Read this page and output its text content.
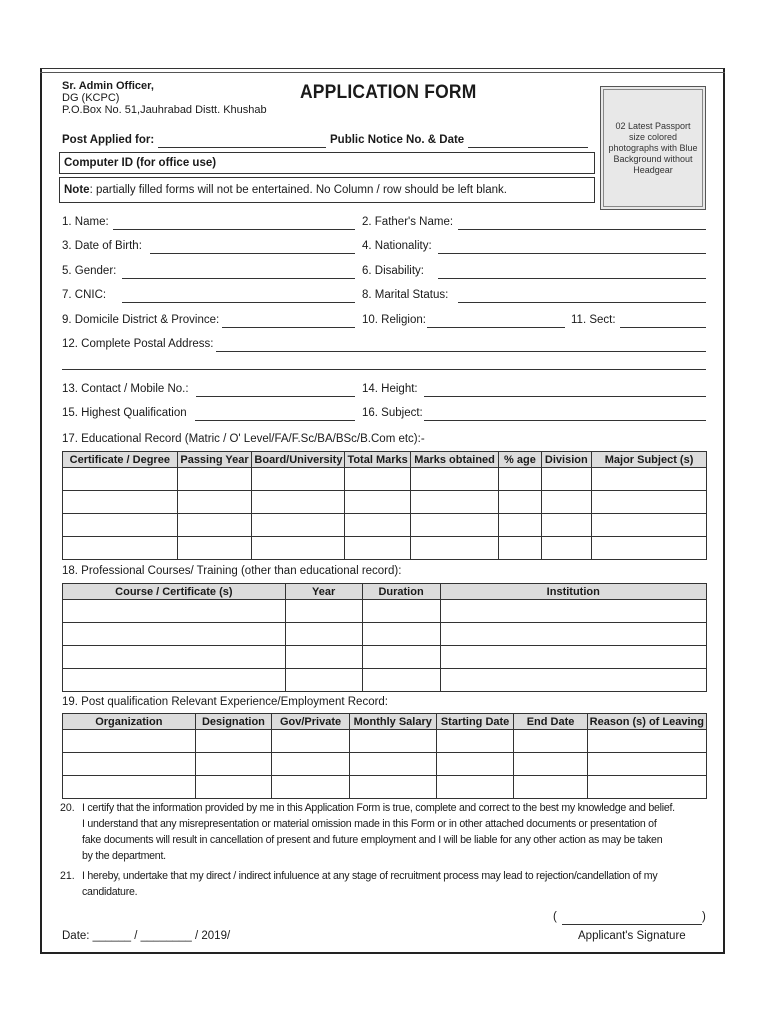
Sr. Admin Officer,
DG (KCPC)
P.O.Box No. 51,Jauhrabad Distt. Khushab
APPLICATION FORM
02 Latest Passport size colored photographs with Blue Background without Headgear
Post Applied for:	Public Notice No. & Date
Computer ID (for office use)
Note: partially filled forms will not be entertained. No Column / row should be left blank.
1. Name:	2. Father's Name:
3. Date of Birth:	4. Nationality:
5. Gender:	6. Disability:
7. CNIC:	8. Marital Status:
9. Domicile District & Province:	10. Religion:	11. Sect:
12. Complete Postal Address:
13. Contact / Mobile No.:	14. Height:
15. Highest Qualification	16. Subject:
17. Educational Record (Matric / O' Level/FA/F.Sc/BA/BSc/B.Com etc):-
Certificate / Degree	Passing Year	Board/University	Total Marks	Marks obtained	% age	Division	Major Subject (s)

18. Professional Courses/ Training (other than educational record):
Course / Certificate (s)	Year	Duration	Institution

19. Post qualification Relevant Experience/Employment Record:
Organization	Designation	Gov/Private	Monthly Salary	Starting Date	End Date	Reason (s) of Leaving

20. I certify that the information provided by me in this Application Form is true, complete and correct to the best my knowledge and belief.
I understand that any misrepresentation or material omission made in this Form or in other attached documents or presentation of
fake documents will result in cancellation of present and future employment and I will be liable for any other action as may be taken
by the department.
21. I hereby, undertake that my direct / indirect infuluence at any stage of recruitment process may lead to rejection/candellation of my
candidature.
Date: ______ / ________ / 2019/
(	)
Applicant's Signature
